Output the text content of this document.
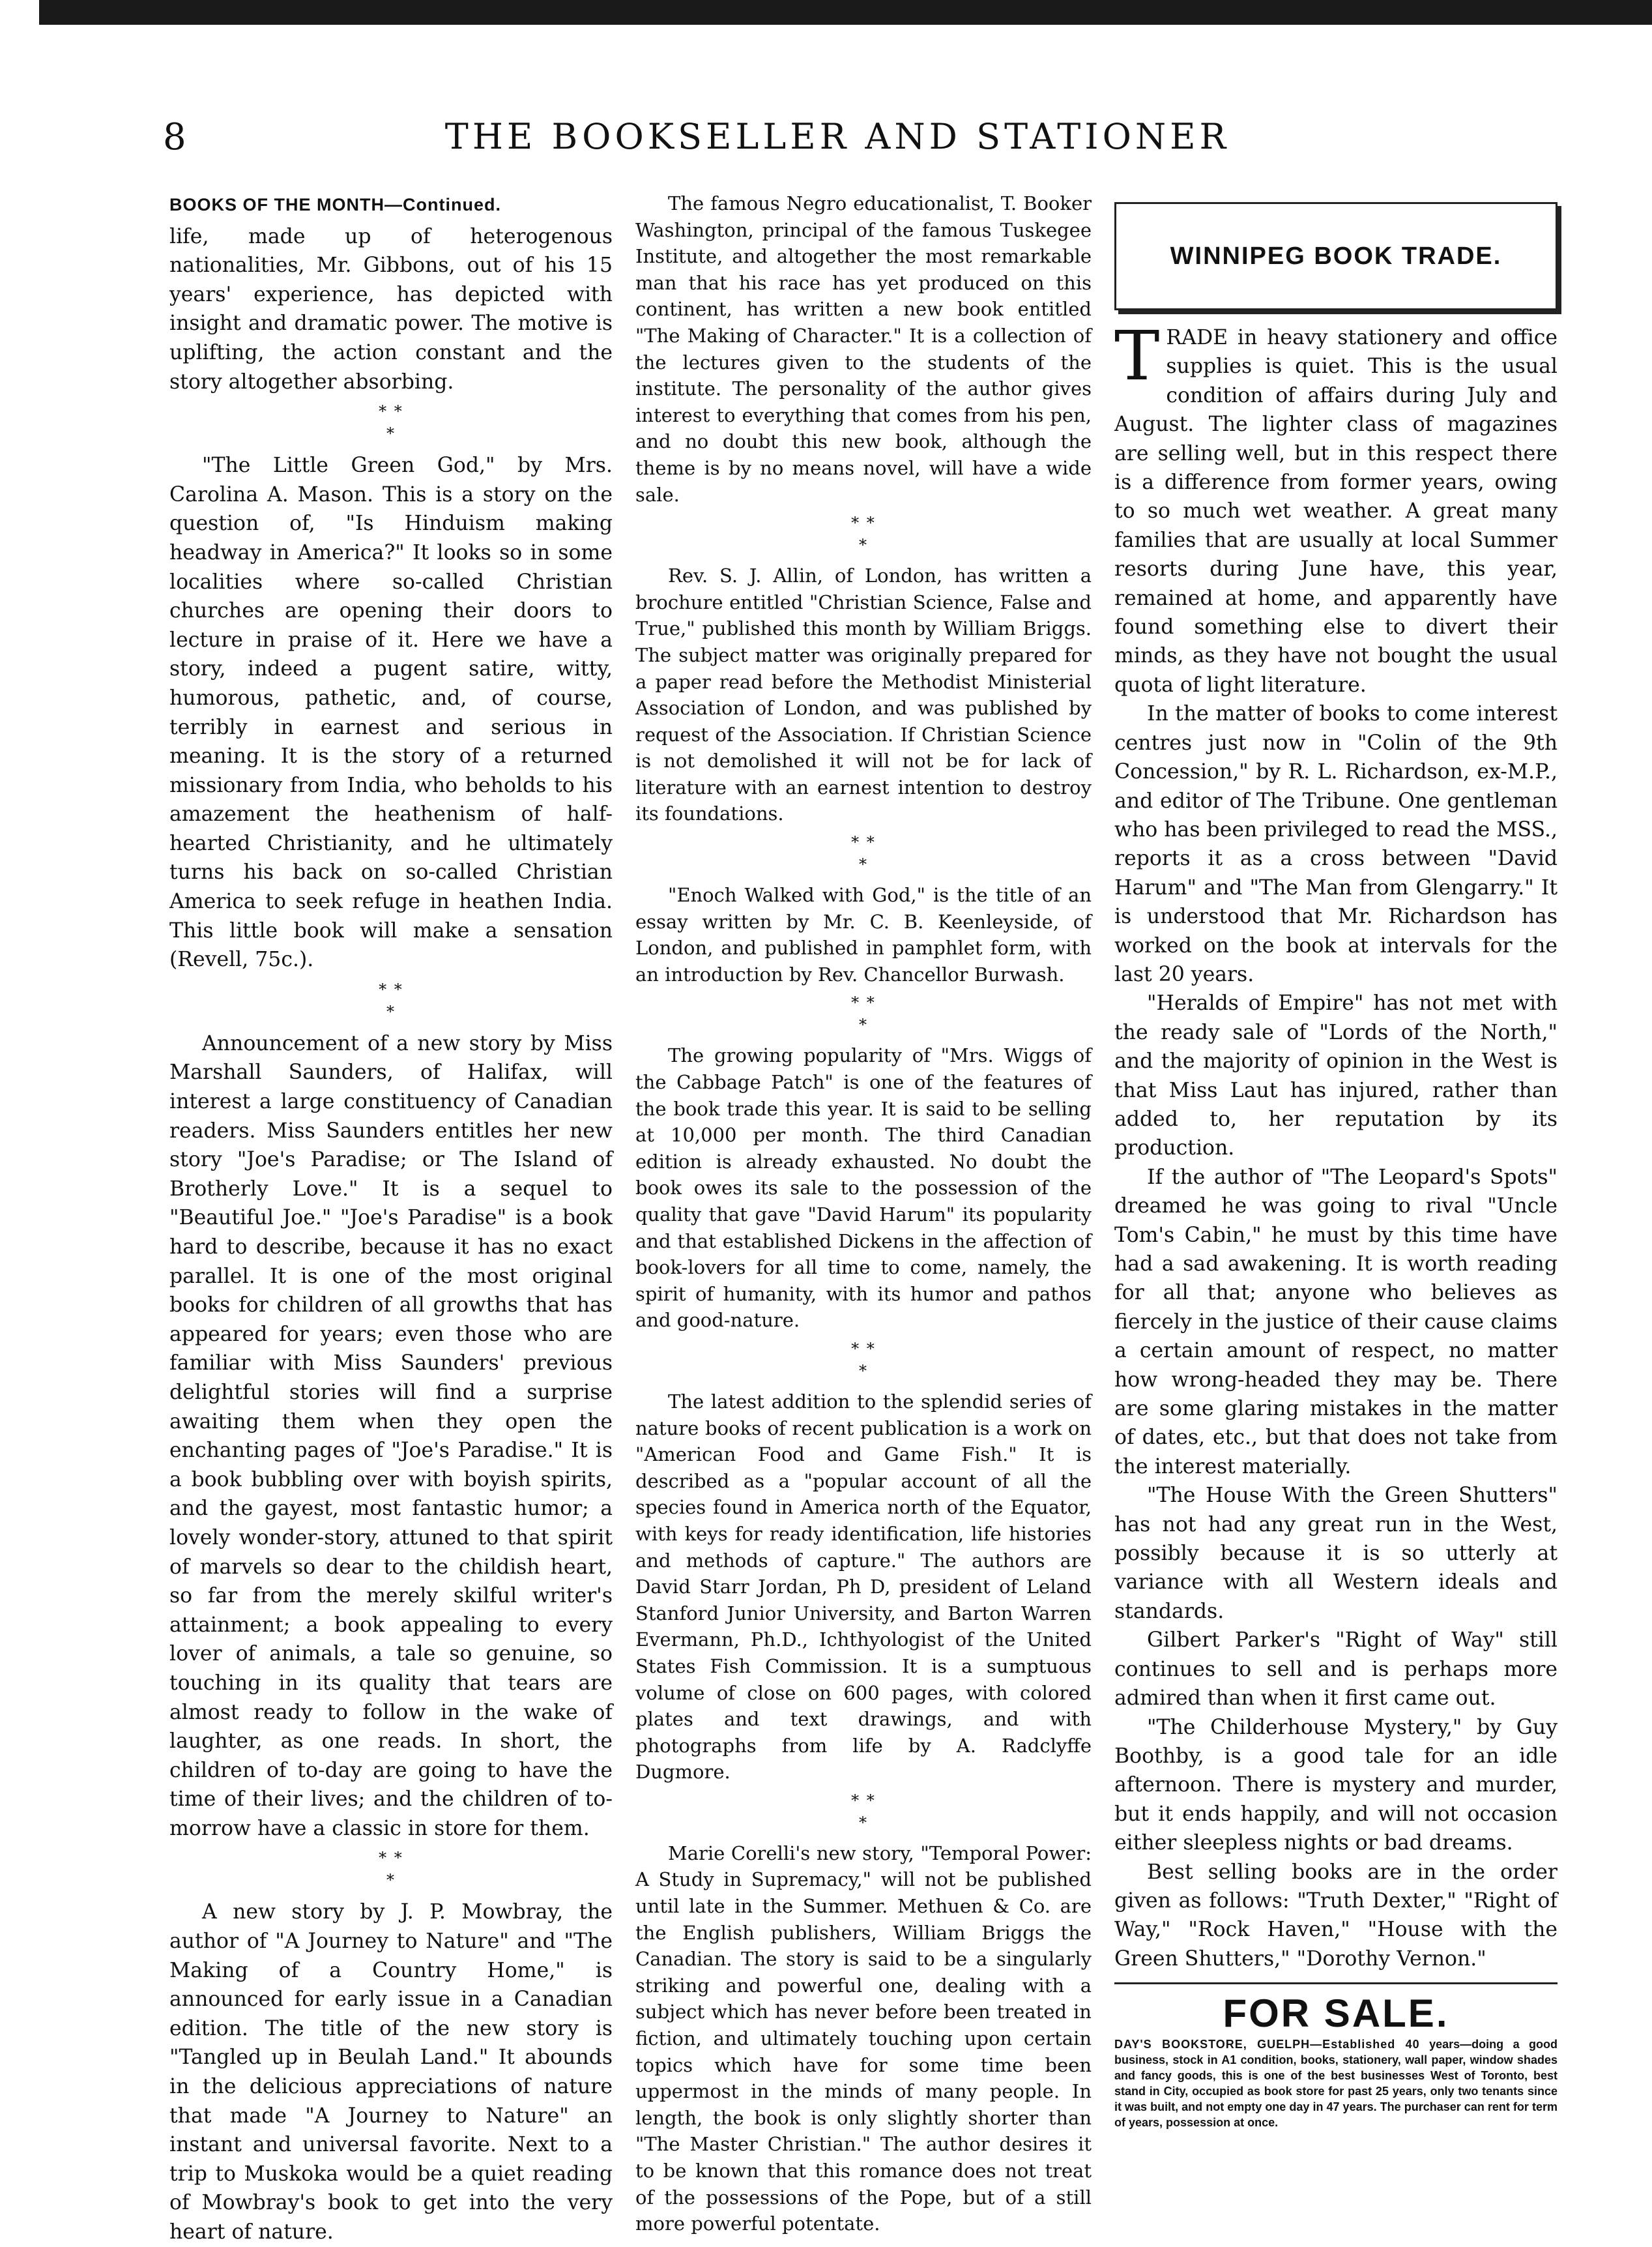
8	THE BOOKSELLER AND STATIONER
BOOKS OF THE MONTH—Continued.

life, made up of heterogenous nationalities, Mr. Gibbons, out of his 15 years' experience, has depicted with insight and dramatic power. The motive is uplifting, the action constant and the story altogether absorbing.

* *
*

"The Little Green God," by Mrs. Carolina A. Mason. This is a story on the question of, "Is Hinduism making headway in America?" It looks so in some localities where so-called Christian churches are opening their doors to lecture in praise of it. Here we have a story, indeed a pugent satire, witty, humorous, pathetic, and, of course, terribly in earnest and serious in meaning. It is the story of a returned missionary from India, who beholds to his amazement the heathenism of half-hearted Christianity, and he ultimately turns his back on so-called Christian America to seek refuge in heathen India. This little book will make a sensation (Revell, 75c.).

* *
*

Announcement of a new story by Miss Marshall Saunders, of Halifax, will interest a large constituency of Canadian readers. Miss Saunders entitles her new story "Joe's Paradise; or The Island of Brotherly Love." It is a sequel to "Beautiful Joe." "Joe's Paradise" is a book hard to describe, because it has no exact parallel. It is one of the most original books for children of all growths that has appeared for years; even those who are familiar with Miss Saunders' previous delightful stories will find a surprise awaiting them when they open the enchanting pages of "Joe's Paradise." It is a book bubbling over with boyish spirits, and the gayest, most fantastic humor; a lovely wonder-story, attuned to that spirit of marvels so dear to the childish heart, so far from the merely skilful writer's attainment; a book appealing to every lover of animals, a tale so genuine, so touching in its quality that tears are almost ready to follow in the wake of laughter, as one reads. In short, the children of to-day are going to have the time of their lives; and the children of to-morrow have a classic in store for them.

* *
*

A new story by J. P. Mowbray, the author of "A Journey to Nature" and "The Making of a Country Home," is announced for early issue in a Canadian edition. The title of the new story is "Tangled up in Beulah Land." It abounds in the delicious appreciations of nature that made "A Journey to Nature" an instant and universal favorite. Next to a trip to Muskoka would be a quiet reading of Mowbray's book to get into the very heart of nature.

The famous Negro educationalist, T. Booker Washington, principal of the famous Tuskegee Institute, and altogether the most remarkable man that his race has yet produced on this continent, has written a new book entitled "The Making of Character." It is a collection of the lectures given to the students of the institute. The personality of the author gives interest to everything that comes from his pen, and no doubt this new book, although the theme is by no means novel, will have a wide sale.

* *
*

Rev. S. J. Allin, of London, has written a brochure entitled "Christian Science, False and True," published this month by William Briggs. The subject matter was originally prepared for a paper read before the Methodist Ministerial Association of London, and was published by request of the Association. If Christian Science is not demolished it will not be for lack of literature with an earnest intention to destroy its foundations.

* *
*

"Enoch Walked with God," is the title of an essay written by Mr. C. B. Keenleyside, of London, and published in pamphlet form, with an introduction by Rev. Chancellor Burwash.

* *
*

The growing popularity of "Mrs. Wiggs of the Cabbage Patch" is one of the features of the book trade this year. It is said to be selling at 10,000 per month. The third Canadian edition is already exhausted. No doubt the book owes its sale to the possession of the quality that gave "David Harum" its popularity and that established Dickens in the affection of book-lovers for all time to come, namely, the spirit of humanity, with its humor and pathos and good-nature.

* *
*

The latest addition to the splendid series of nature books of recent publication is a work on "American Food and Game Fish." It is described as a "popular account of all the species found in America north of the Equator, with keys for ready identification, life histories and methods of capture." The authors are David Starr Jordan, Ph D, president of Leland Stanford Junior University, and Barton Warren Evermann, Ph.D., Ichthyologist of the United States Fish Commission. It is a sumptuous volume of close on 600 pages, with colored plates and text drawings, and with photographs from life by A. Radclyffe Dugmore.

* *
*

Marie Corelli's new story, "Temporal Power: A Study in Supremacy," will not be published until late in the Summer. Methuen & Co. are the English publishers, William Briggs the Canadian. The story is said to be a singularly striking and powerful one, dealing with a subject which has never before been treated in fiction, and ultimately touching upon certain topics which have for some time been uppermost in the minds of many people. In length, the book is only slightly shorter than "The Master Christian." The author desires it to be known that this romance does not treat of the possessions of the Pope, but of a still more powerful potentate.

WINNIPEG BOOK TRADE.

TRADE in heavy stationery and office supplies is quiet. This is the usual condition of affairs during July and August. The lighter class of magazines are selling well, but in this respect there is a difference from former years, owing to so much wet weather. A great many families that are usually at local Summer resorts during June have, this year, remained at home, and apparently have found something else to divert their minds, as they have not bought the usual quota of light literature.

In the matter of books to come interest centres just now in "Colin of the 9th Concession," by R. L. Richardson, ex-M.P., and editor of The Tribune. One gentleman who has been privileged to read the MSS., reports it as a cross between "David Harum" and "The Man from Glengarry." It is understood that Mr. Richardson has worked on the book at intervals for the last 20 years.

"Heralds of Empire" has not met with the ready sale of "Lords of the North," and the majority of opinion in the West is that Miss Laut has injured, rather than added to, her reputation by its production.

If the author of "The Leopard's Spots" dreamed he was going to rival "Uncle Tom's Cabin," he must by this time have had a sad awakening. It is worth reading for all that; anyone who believes as fiercely in the justice of their cause claims a certain amount of respect, no matter how wrong-headed they may be. There are some glaring mistakes in the matter of dates, etc., but that does not take from the interest materially.

"The House With the Green Shutters" has not had any great run in the West, possibly because it is so utterly at variance with all Western ideals and standards.

Gilbert Parker's "Right of Way" still continues to sell and is perhaps more admired than when it first came out.

"The Childerhouse Mystery," by Guy Boothby, is a good tale for an idle afternoon. There is mystery and murder, but it ends happily, and will not occasion either sleepless nights or bad dreams.

Best selling books are in the order given as follows: "Truth Dexter," "Right of Way," "Rock Haven," "House with the Green Shutters," "Dorothy Vernon."

FOR SALE.
DAY'S BOOKSTORE, GUELPH—Established 40 years—doing a good business, stock in A1 condition, books, stationery, wall paper, window shades and fancy goods, this is one of the best businesses West of Toronto, best stand in City, occupied as book store for past 25 years, only two tenants since it was built, and not empty one day in 47 years. The purchaser can rent for term of years, possession at once.
